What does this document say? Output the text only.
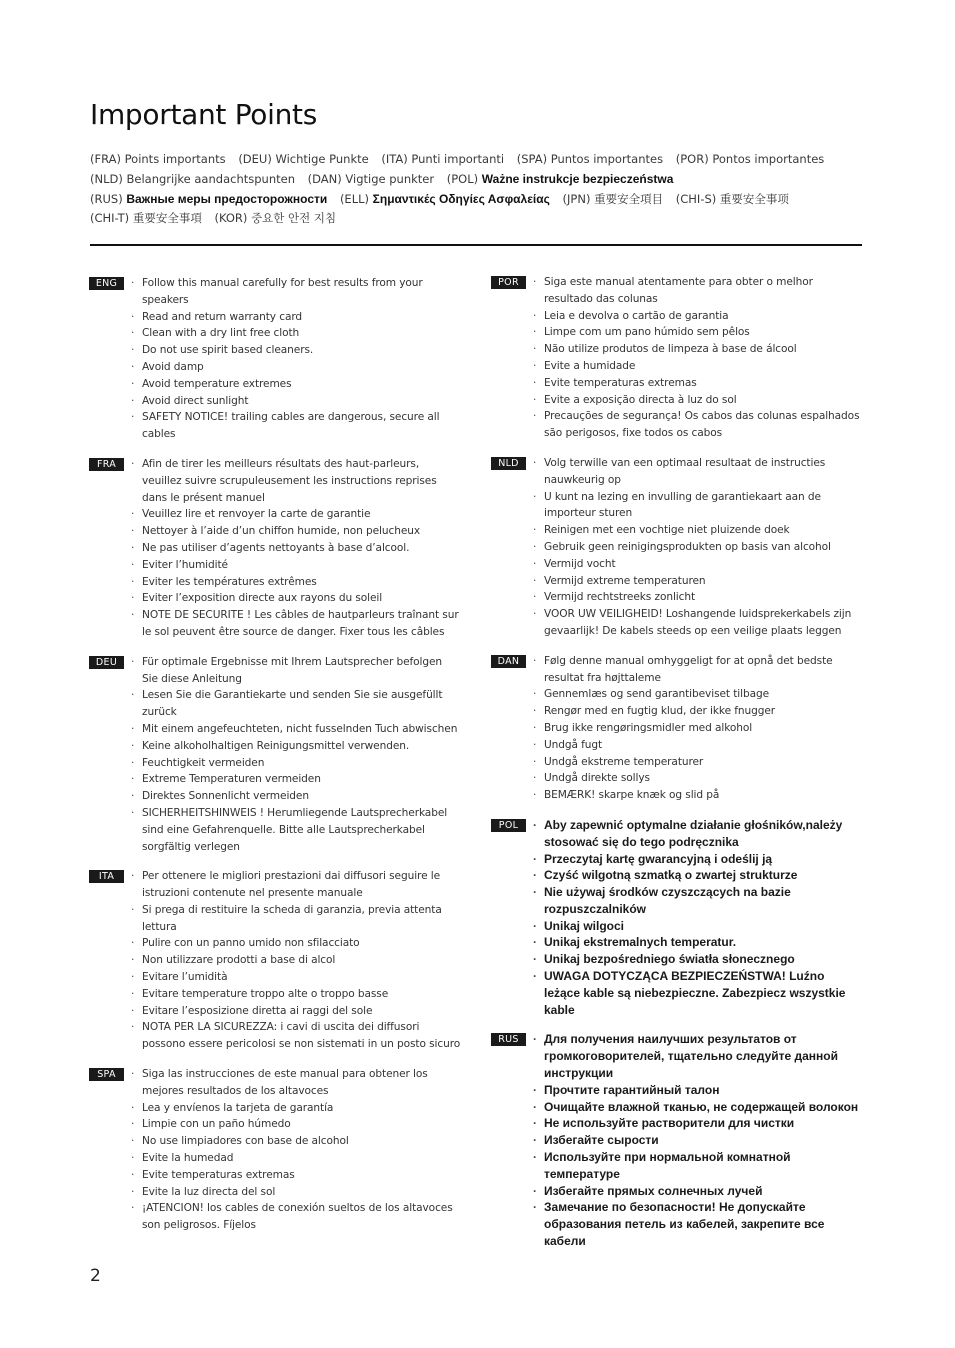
Important Points
(FRA) Points importants (DEU) Wichtige Punkte (ITA) Punti importanti (SPA) Puntos importantes (POR) Pontos importantes
(NLD) Belangrijke aandachtspunten (DAN) Vigtige punkter (POL) Ważne instrukcje bezpieczeństwa
(RUS) Важные меры предосторожности (ELL) Σημαντικές Οδηγίες Ασφαλείας (JPN) 重要安全項目 (CHI-S) 重要安全事项
(CHI-T) 重要安全事項 (KOR) 중요한 안전 지침
ENG	· Follow this manual carefully for best results from your speakers
· Read and return warranty card
· Clean with a dry lint free cloth
· Do not use spirit based cleaners.
· Avoid damp
· Avoid temperature extremes
· Avoid direct sunlight
· SAFETY NOTICE! trailing cables are dangerous, secure all cables
FRA	· Afin de tirer les meilleurs résultats des haut-parleurs, veuillez suivre scrupuleusement les instructions reprises dans le présent manuel
· Veuillez lire et renvoyer la carte de garantie
· Nettoyer à l’aide d’un chiffon humide, non pelucheux
· Ne pas utiliser d’agents nettoyants à base d’alcool.
· Eviter l’humidité
· Eviter les températures extrêmes
· Eviter l’exposition directe aux rayons du soleil
· NOTE DE SECURITE ! Les câbles de hautparleurs traînant sur le sol peuvent être source de danger. Fixer tous les câbles
DEU	· Für optimale Ergebnisse mit Ihrem Lautsprecher befolgen Sie diese Anleitung
· Lesen Sie die Garantiekarte und senden Sie sie ausgefüllt zurück
· Mit einem angefeuchteten, nicht fusselnden Tuch abwischen
· Keine alkoholhaltigen Reinigungsmittel verwenden.
· Feuchtigkeit vermeiden
· Extreme Temperaturen vermeiden
· Direktes Sonnenlicht vermeiden
· SICHERHEITSHINWEIS ! Herumliegende Lautsprecherkabel sind eine Gefahrenquelle. Bitte alle Lautsprecherkabel sorgfältig verlegen
ITA	· Per ottenere le migliori prestazioni dai diffusori seguire le istruzioni contenute nel presente manuale
· Si prega di restituire la scheda di garanzia, previa attenta lettura
· Pulire con un panno umido non sfilacciato
· Non utilizzare prodotti a base di alcol
· Evitare l’umidità
· Evitare temperature troppo alte o troppo basse
· Evitare l’esposizione diretta ai raggi del sole
· NOTA PER LA SICUREZZA: i cavi di uscita dei diffusori possono essere pericolosi se non sistemati in un posto sicuro
SPA	· Siga las instrucciones de este manual para obtener los mejores resultados de los altavoces
· Lea y envíenos la tarjeta de garantía
· Limpie con un paño húmedo
· No use limpiadores con base de alcohol
· Evite la humedad
· Evite temperaturas extremas
· Evite la luz directa del sol
· ¡ATENCION! los cables de conexión sueltos de los altavoces son peligrosos. Fíjelos
POR	· Siga este manual atentamente para obter o melhor resultado das colunas
· Leia e devolva o cartão de garantia
· Limpe com um pano húmido sem pêlos
· Não utilize produtos de limpeza à base de álcool
· Evite a humidade
· Evite temperaturas extremas
· Evite a exposição directa à luz do sol
· Precauções de segurança! Os cabos das colunas espalhados são perigosos, fixe todos os cabos
NLD	· Volg terwille van een optimaal resultaat de instructies nauwkeurig op
· U kunt na lezing en invulling de garantiekaart aan de importeur sturen
· Reinigen met een vochtige niet pluizende doek
· Gebruik geen reinigingsprodukten op basis van alcohol
· Vermijd vocht
· Vermijd extreme temperaturen
· Vermijd rechtstreeks zonlicht
· VOOR UW VEILIGHEID! Loshangende luidsprekerkabels zijn gevaarlijk! De kabels steeds op een veilige plaats leggen
DAN	· Følg denne manual omhyggeligt for at opnå det bedste resultat fra højttaleme
· Gennemlæs og send garantibeviset tilbage
· Rengør med en fugtig klud, der ikke fnugger
· Brug ikke rengøringsmidler med alkohol
· Undgå fugt
· Undgå ekstreme temperaturer
· Undgå direkte sollys
· BEMÆRK! skarpe knæk og slid på
POL	· Aby zapewnić optymalne działanie głośników,należy stosować się do tego podręcznika
· Przeczytaj kartę gwarancyjną i odeślij ją
· Czyść wilgotną szmatką o zwartej strukturze
· Nie używaj środków czyszczących na bazie rozpuszczalników
· Unikaj wilgoci
· Unikaj ekstremalnych temperatur.
· Unikaj bezpośredniego światła słonecznego
· UWAGA DOTYCZĄCA BEZPIECZEŃSTWA! Luźno leżące kable są niebezpieczne. Zabezpiecz wszystkie kable
RUS	· Для получения наилучших результатов от громкоговорителей, тщательно следуйте данной инструкции
· Прочтите гарантийный талон
· Очищайте влажной тканью, не содержащей волокон
· Не используйте растворители для чистки
· Избегайте сырости
· Используйте при нормальной комнатной температуре
· Избегайте прямых солнечных лучей
· Замечание по безопасности! Не допускайте образования петель из кабелей, закрепите все кабели
2
